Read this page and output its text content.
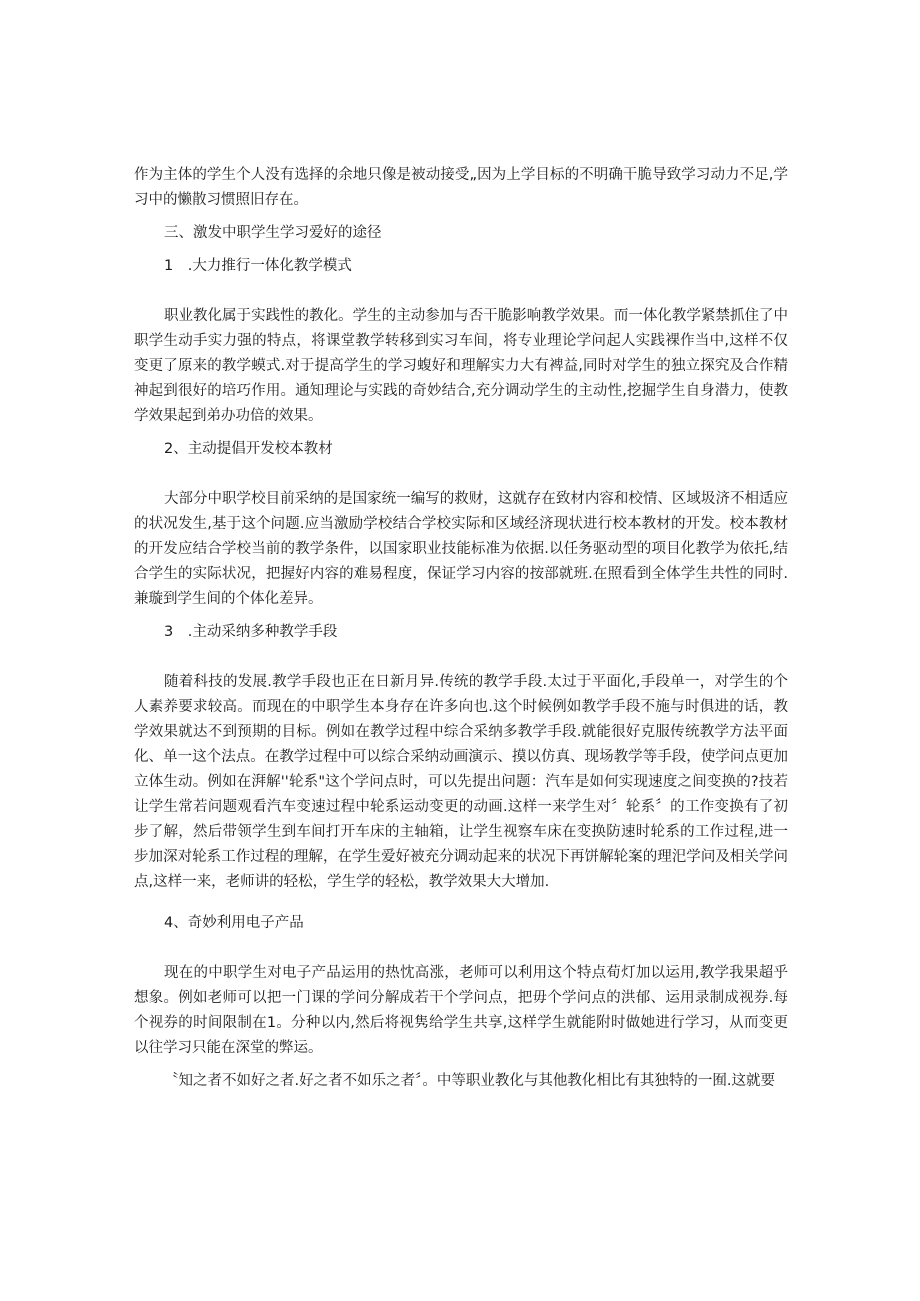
作为主体的学生个人没有选择的余地只像是被动接受„因为上学目标的不明确干脆导致学习动力不足,学习中的懒散习惯照旧存在。

三、激发中职学生学习爱好的途径

1　.大力推行一体化教学模式

职业教化属于实践性的教化。学生的主动参加与否干脆影响教学效果。而一体化教学紧禁抓住了中职学生动手实力强的特点，将课堂教学转移到实习车间，将专业理论学问起人实践裸作当中,这样不仅变更了原来的教学蟆式.对于提高学生的学习蝮好和理解实力大有裨益,同时对学生的独立探究及合作精神起到很好的培巧作用。通知理论与实践的奇妙结合,充分调动学生的主动性,挖掘学生自身潜力，使教学效果起到弟办功倍的效果。

2、主动提倡开发校本教材

大部分中职学校目前采纳的是国家统一编写的救财，这就存在致材内容和校情、区域圾济不相适应的状况发生,基于这个问题.应当激励学校结合学校实际和区域经济现状进行校本教材的开发。校本教材的开发应结合学校当前的教学条件，以国家职业技能标准为依据.以任务驱动型的项目化教学为依托,结合学生的实际状况，把握好内容的难易程度，保证学习内容的按部就班.在照看到全体学生共性的同时.兼璇到学生间的个体化差异。

3　.主动采纳多种教学手段

随着科技的发展.教学手段也正在日新月异.传统的教学手段.太过于平面化,手段单一，对学生的个人素养要求较高。而现在的中职学生本身存在许多向也.这个时候例如教学手段不施与时俱进的话，教学效果就达不到预期的目标。例如在教学过程中综合采纳多教学手段.就能很好克服传统教学方法平面化、单一这个法点。在教学过程中可以综合采纳动画演示、摸以仿真、现场教学等手段，使学问点更加立体生动。例如在湃解''轮系"这个学问点时，可以先提出问题：汽车是如何实现速度之间变换的?技若让学生常若问题观看汽车变速过程中轮系运动变更的动画.这样一来学生对〞轮系〞的工作变换有了初步了解，然后带领学生到车间打开车床的主轴箱，让学生视察车床在变换防速时轮系的工作过程,进一步加深对轮系工作过程的理解，在学生爱好被充分调动起来的状况下再饼解轮案的理汜学问及相关学问点,这样一来，老师讲的轻松，学生学的轻松，教学效果大大增加.

4、奇妙利用电子产品

现在的中职学生对电子产品运用的热忱高涨，老师可以利用这个特点荀灯加以运用,教学我果超乎想象。例如老师可以把一门课的学问分解成若干个学问点，把毋个学问点的洪郁、运用录制成视券.每个视券的时间限制在1。分种以内,然后将视隽给学生共享,这样学生就能附时做她进行学习，从而变更以往学习只能在深堂的弊运。

〝知之者不如好之者.好之者不如乐之者〞。中等职业教化与其他教化相比有其独特的一囿.这就要
